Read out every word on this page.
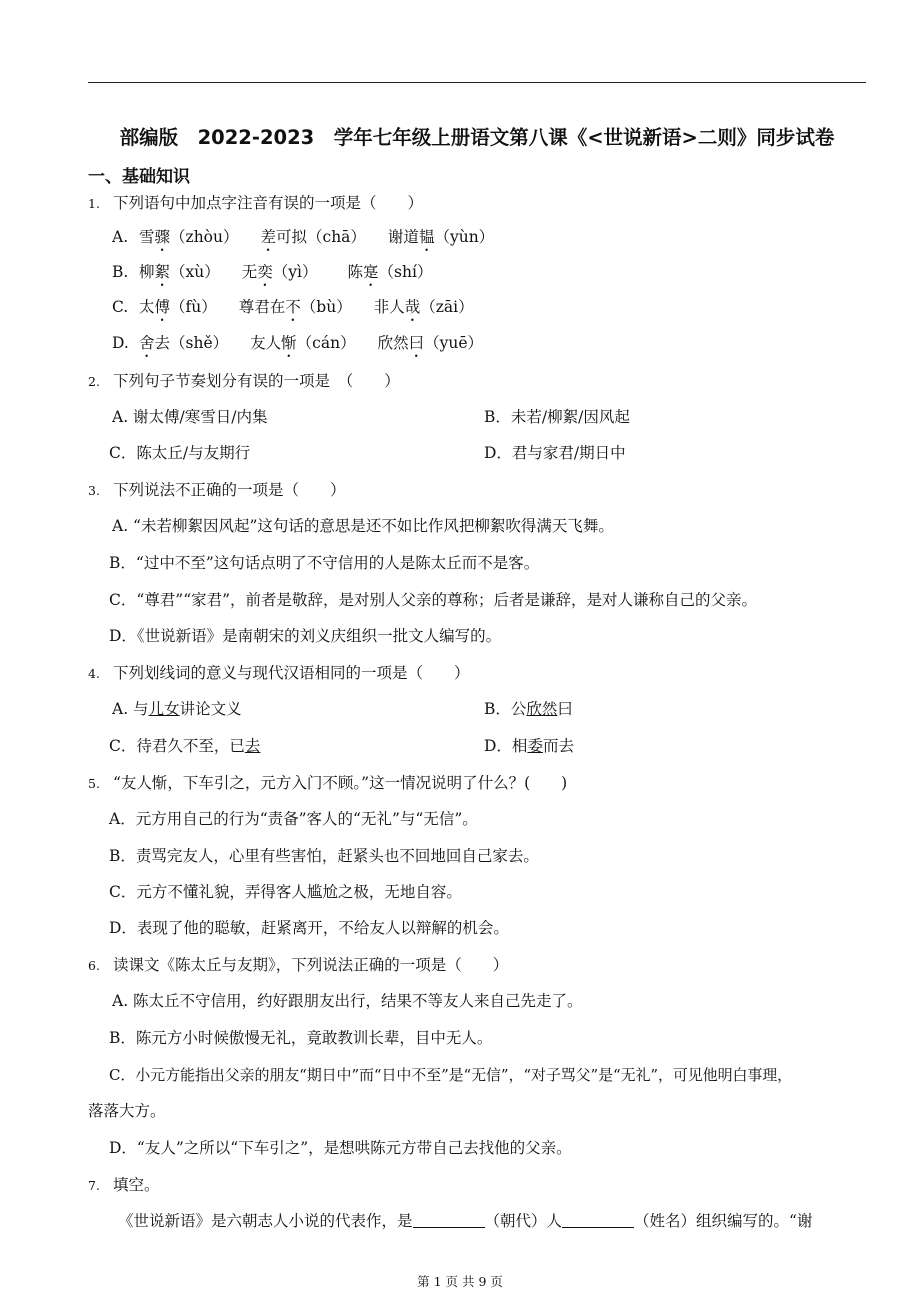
部编版　2022-2023　学年七年级上册语文第八课《<世说新语>二则》同步试卷
一、基础知识
1. 下列语句中加点字注音有误的一项是（　　）
A. 雪骤（zhòu） 差可拟（chā） 谢道韫（yùn）
B. 柳絮（xù） 无奕（yì） 陈寔（shí）
C. 太傅（fù） 尊君在不（bù） 非人哉（zāi）
D. 舍去（shě） 友人惭（cán） 欣然曰（yuē）
2. 下列句子节奏划分有误的一项是　（　　）
A. 谢太傅/寒雪日/内集	B．未若/柳絮/因风起
C．陈太丘/与友期行	D．君与家君/期日中
3. 下列说法不正确的一项是（　　）
A. “未若柳絮因风起”这句话的意思是还不如比作风把柳絮吹得满天飞舞。
B．“过中不至”这句话点明了不守信用的人是陈太丘而不是客。
C．“尊君”“家君”，前者是敬辞，是对别人父亲的尊称；后者是谦辞，是对人谦称自己的父亲。
D．《世说新语》是南朝宋的刘义庆组织一批文人编写的。
4. 下列划线词的意义与现代汉语相同的一项是（　　）
A. 与儿女讲论文义	B．公欣然曰
C．待君久不至，已去	D．相委而去
5. “友人惭，下车引之，元方入门不顾。”这一情况说明了什么？(　　)
A．元方用自己的行为“责备”客人的“无礼”与“无信”。
B．责骂完友人，心里有些害怕，赶紧头也不回地回自己家去。
C．元方不懂礼貌，弄得客人尴尬之极，无地自容。
D．表现了他的聪敏，赶紧离开，不给友人以辩解的机会。
6. 读课文《陈太丘与友期》，下列说法正确的一项是（　　）
A. 陈太丘不守信用，约好跟朋友出行，结果不等友人来自己先走了。
B．陈元方小时候傲慢无礼，竟敢教训长辈，目中无人。
C．小元方能指出父亲的朋友“期日中”而“日中不至”是“无信”，“对子骂父”是“无礼”，可见他明白事理，
落落大方。
D．“友人”之所以“下车引之”，是想哄陈元方带自己去找他的父亲。
7. 填空。
《世说新语》是六朝志人小说的代表作，是	（朝代）人	（姓名）组织编写的。“谢
第 1 页 共 9 页
